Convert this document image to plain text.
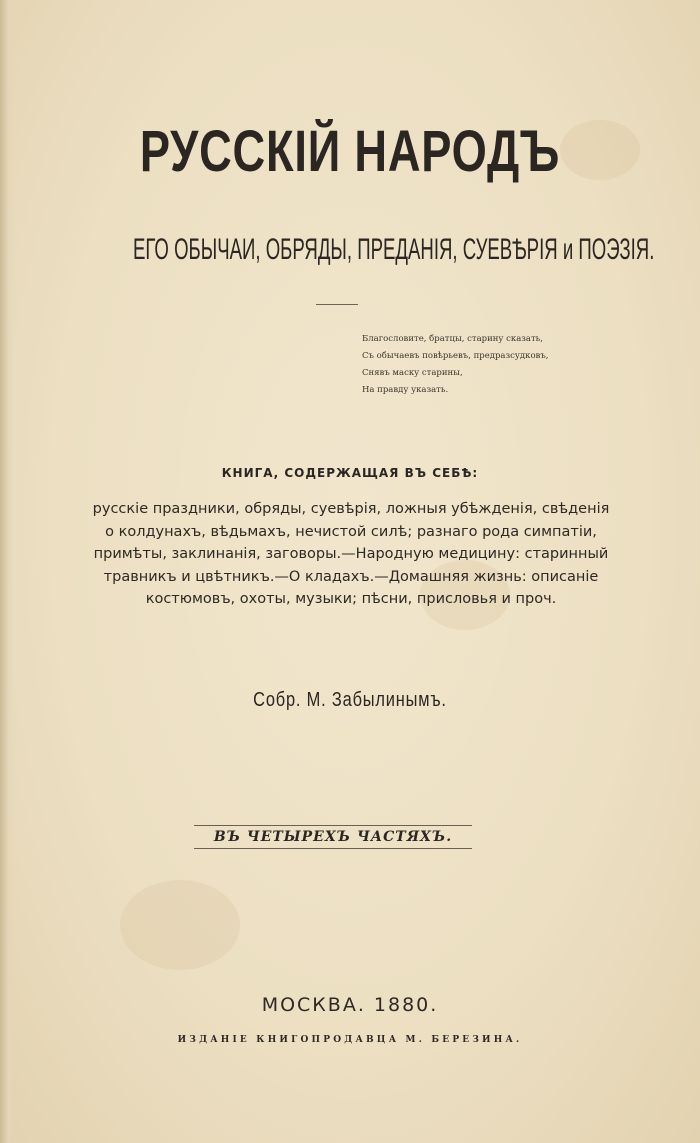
РУССКІЙ НАРОДЪ
ЕГО ОБЫЧАИ, ОБРЯДЫ, ПРЕДАНІЯ, СУЕВѢРІЯ и ПОЭЗІЯ.
Благословите, братцы, старину сказать,
Съ обычаевъ повѣрьевъ, предразсудковъ,
Снявъ маску старины,
На правду указать.
КНИГА, СОДЕРЖАЩАЯ ВЪ СЕБѢ:
русскіе праздники, обряды, суевѣрія, ложныя убѣжденія, свѣденія
о колдунахъ, вѣдьмахъ, нечистой силѣ; разнаго рода симпатіи,
примѣты, заклинанія, заговоры.—Народную медицину: старинный
травникъ и цвѣтникъ.—О кладахъ.—Домашняя жизнь: описаніе
костюмовъ, охоты, музыки; пѣсни, присловья и проч.
Собр. М. Забылинымъ.
ВЪ ЧЕТЫРЕХЪ ЧАСТЯХЪ.
МОСКВА. 1880.
ИЗДАНІЕ КНИГОПРОДАВЦА М. БЕРЕЗИНА.
